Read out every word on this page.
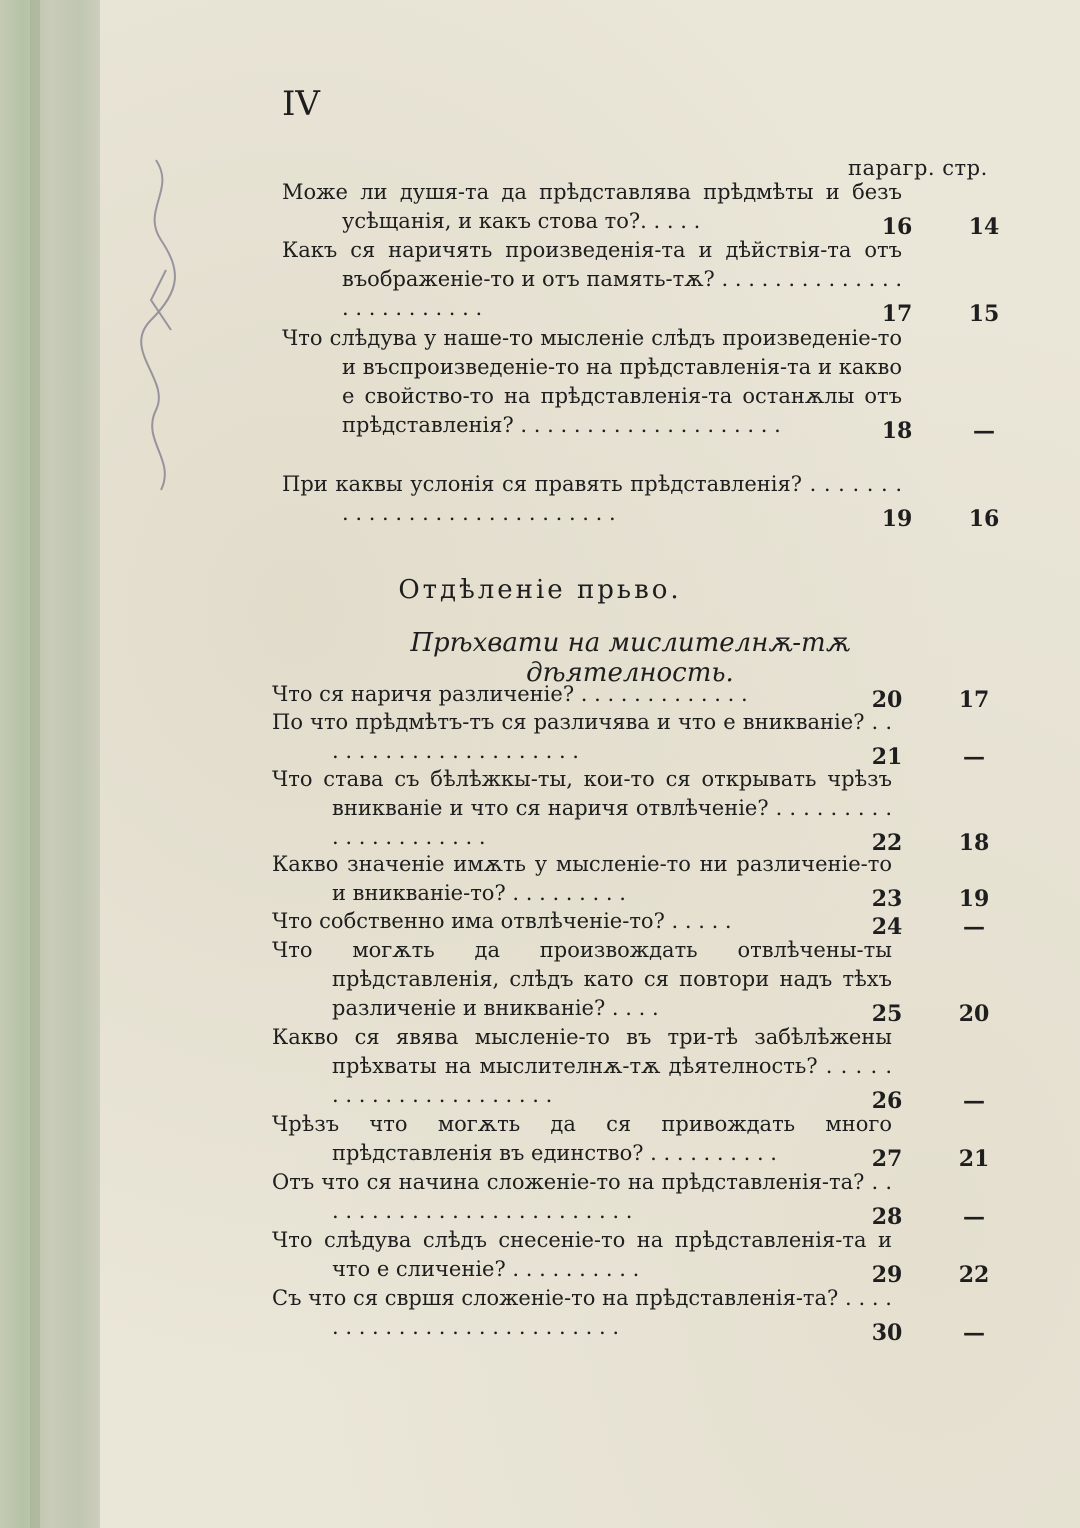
IV
парагр. стр.
Може ли душя-та да прѣдставлява прѣдмѣты и безъ усѣщанія, и какъ стова то?. . . . .	16	14
Какъ ся наричять произведенія-та и дѣйствія-та отъ въображеніе-то и отъ память-тѫ? . . . . . . . . . . . . . . . . . . . . . . . . .	17	15
Что слѣдува у наше-то мысленіе слѣдъ произведеніе-то и въспроизведеніе-то на прѣдставленія-та и какво е свойство-то на прѣдставленія-та останѫлы отъ прѣдставленія? . . . . . . . . . . . . . . . . . . . .	18	—
При каквы услонія ся правять прѣдставленія? . . . . . . . . . . . . . . . . . . . . . . . . . . . .	19	16
Отдѣленіе прьво.
Прѣхвати на мислителнѫ-тѫ дѣятелность.
Что ся наричя различеніе? . . . . . . . . . . . . .	20	17
По что прѣдмѣтъ-тъ ся различява и что е вникваніе? . . . . . . . . . . . . . . . . . . . . .	21	—
Что става съ бѣлѣжкы-ты, кои-то ся открывать чрѣзъ вникваніе и что ся наричя отвлѣченіе? . . . . . . . . . . . . . . . . . . . . .	22	18
Какво значеніе имѫть у мысленіе-то ни различеніе-то и вникваніе-то? . . . . . . . . .	23	19
Что собственно има отвлѣченіе-то? . . . . .	24	—
Что могѫть да произвождать отвлѣчены-ты прѣдставленія, слѣдъ като ся повтори надъ тѣхъ различеніе и вникваніе? . . . .	25	20
Какво ся явява мысленіе-то въ три-тѣ забѣлѣжены прѣхваты на мыслителнѫ-тѫ дѣятелность? . . . . . . . . . . . . . . . . . . . . . .	26	—
Чрѣзъ что могѫть да ся привождать много прѣдставленія въ единство? . . . . . . . . . .	27	21
Отъ что ся начина сложеніе-то на прѣдставленія-та? . . . . . . . . . . . . . . . . . . . . . . . . .	28	—
Что слѣдува слѣдъ снесеніе-то на прѣдставленія-та и что е сличеніе? . . . . . . . . . .	29	22
Съ что ся свршя сложеніе-то на прѣдставленія-та? . . . . . . . . . . . . . . . . . . . . . . . . . .	30	—
